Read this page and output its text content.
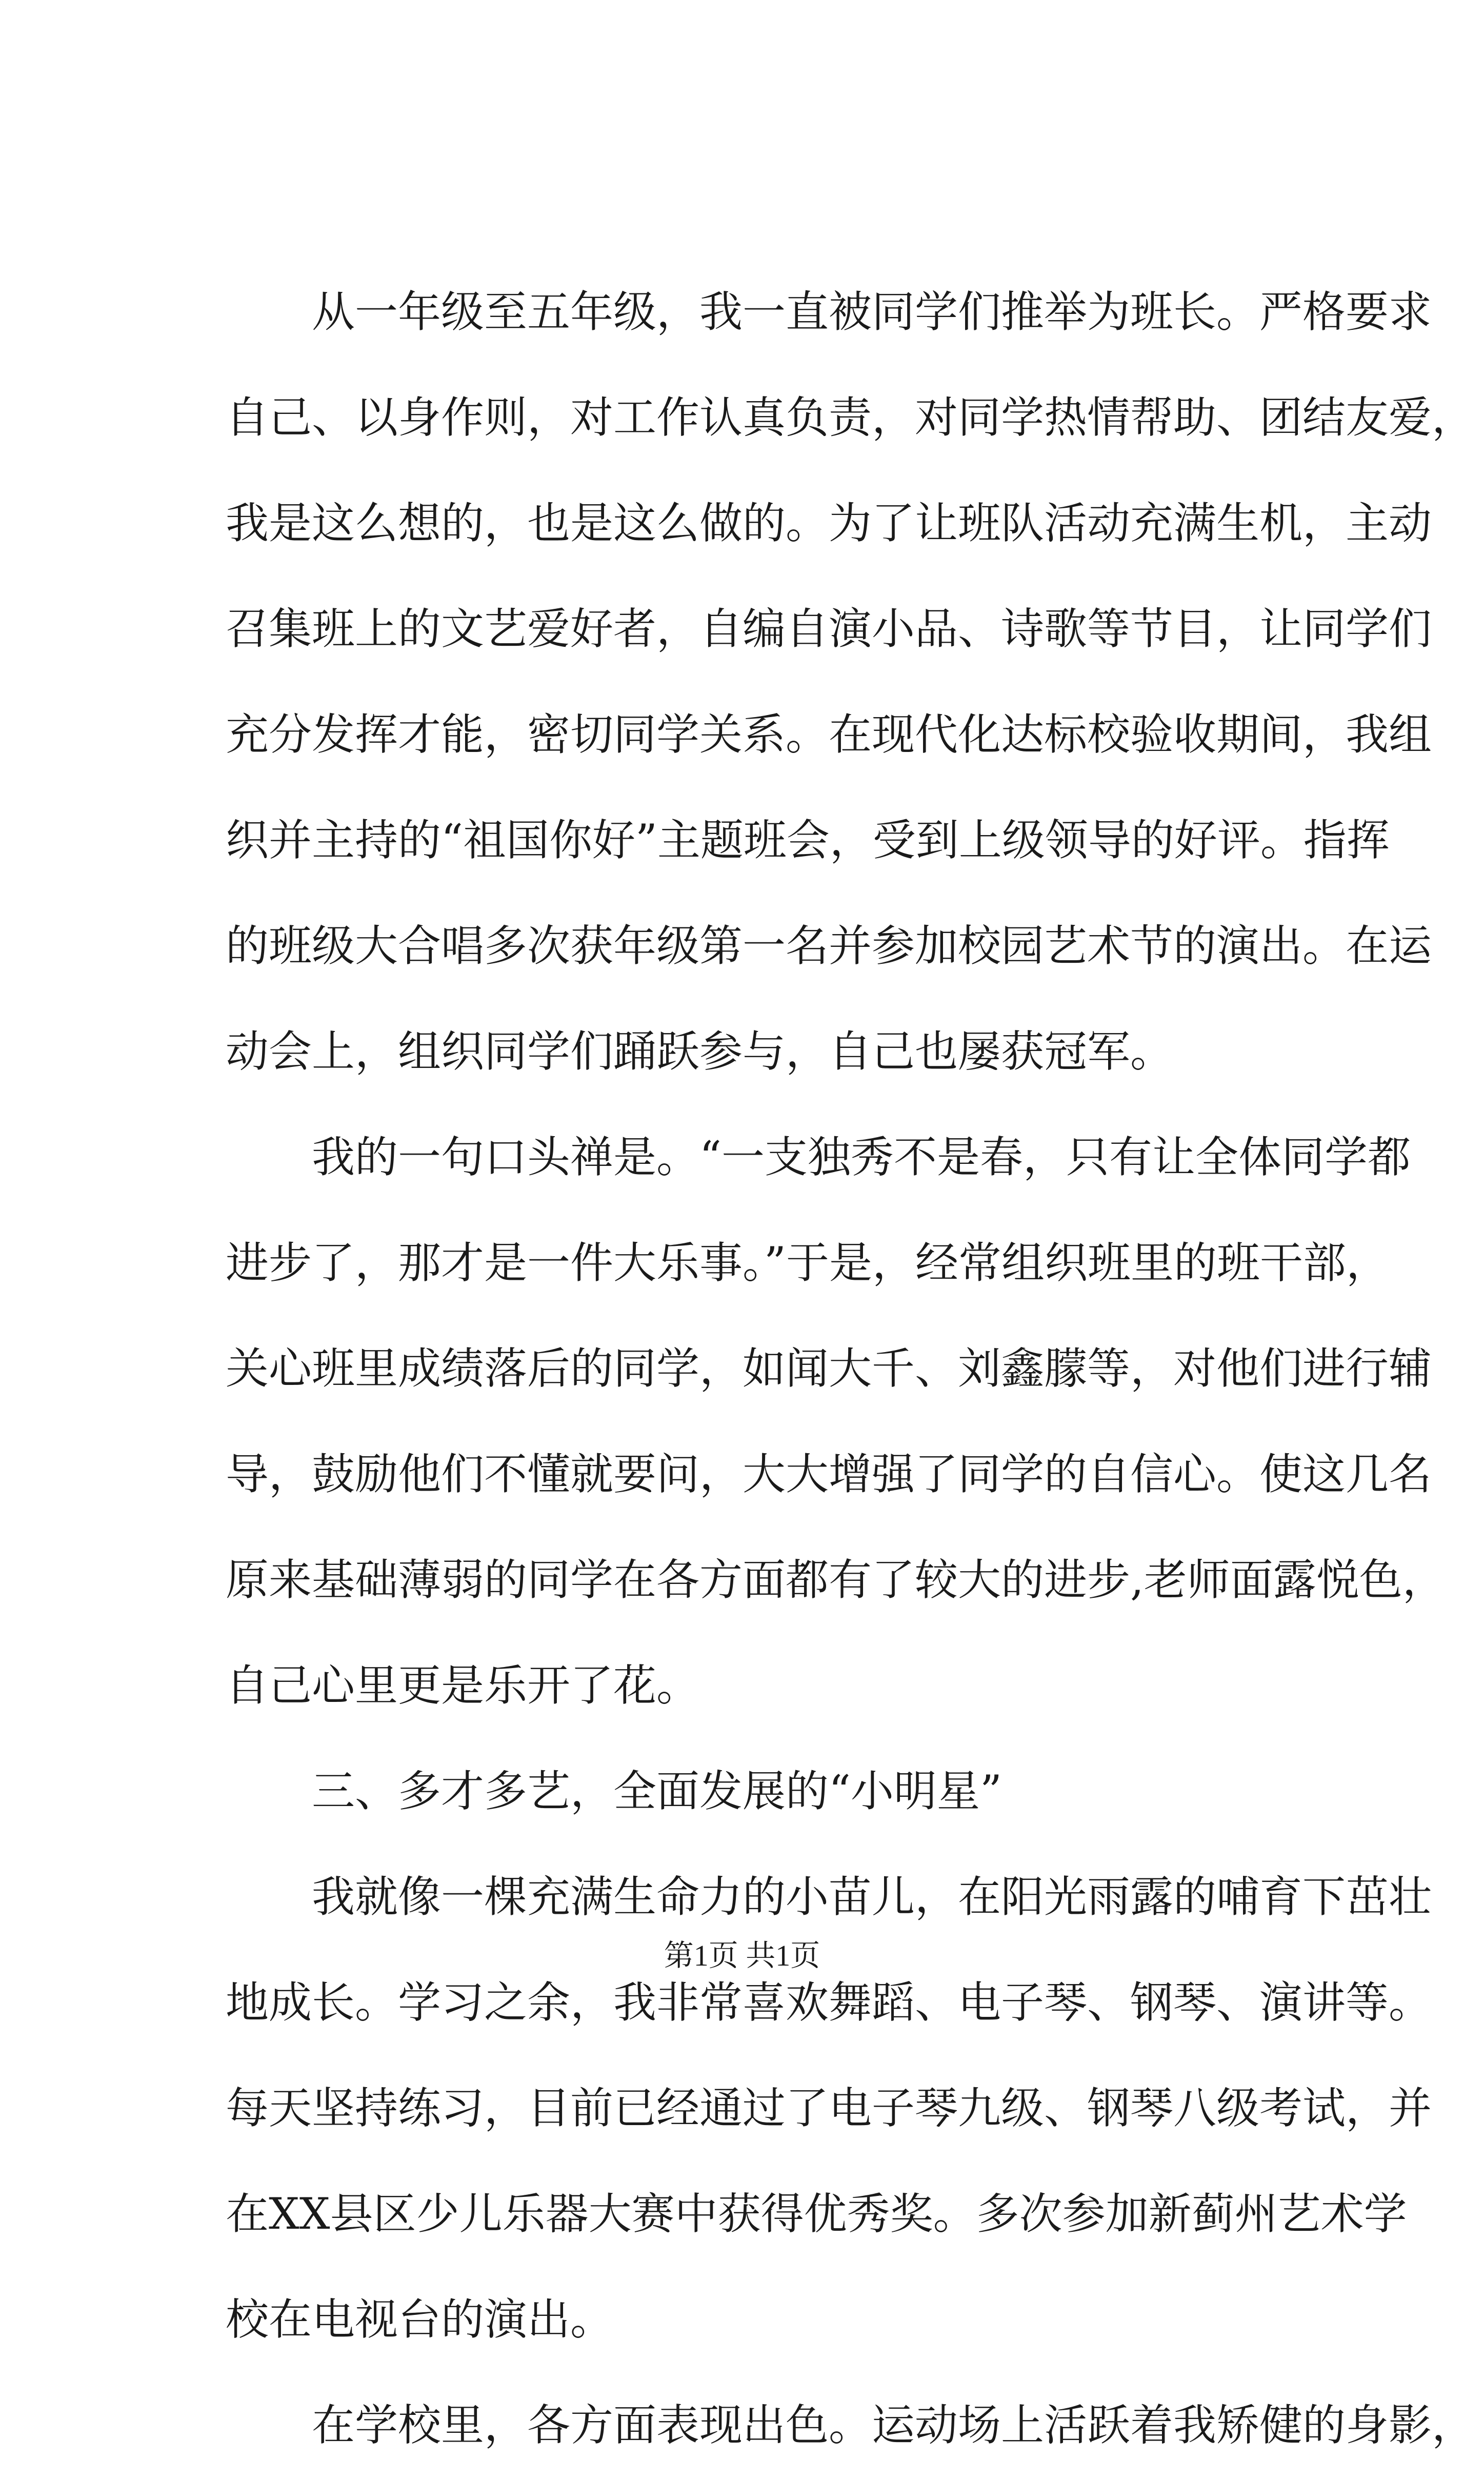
从一年级至五年级，我一直被同学们推举为班长。严格要求
自己、以身作则，对工作认真负责，对同学热情帮助、团结友爱，
我是这么想的，也是这么做的。为了让班队活动充满生机，主动
召集班上的文艺爱好者，自编自演小品、诗歌等节目，让同学们
充分发挥才能，密切同学关系。在现代化达标校验收期间，我组
织并主持的“祖国你好”主题班会，受到上级领导的好评。指挥
的班级大合唱多次获年级第一名并参加校园艺术节的演出。在运
动会上，组织同学们踊跃参与，自己也屡获冠军。
我的一句口头禅是。“一支独秀不是春，只有让全体同学都
进步了，那才是一件大乐事。”于是，经常组织班里的班干部，
关心班里成绩落后的同学，如闻大千、刘鑫朦等，对他们进行辅
导，鼓励他们不懂就要问，大大增强了同学的自信心。使这几名
原来基础薄弱的同学在各方面都有了较大的进步,老师面露悦色，
自己心里更是乐开了花。
三、多才多艺，全面发展的“小明星”
我就像一棵充满生命力的小苗儿，在阳光雨露的哺育下茁壮
地成长。学习之余，我非常喜欢舞蹈、电子琴、钢琴、演讲等。
每天坚持练习，目前已经通过了电子琴九级、钢琴八级考试，并
在XX县区少儿乐器大赛中获得优秀奖。多次参加新蓟州艺术学
校在电视台的演出。
在学校里，各方面表现出色。运动场上活跃着我矫健的身影，
第1页 共1页
